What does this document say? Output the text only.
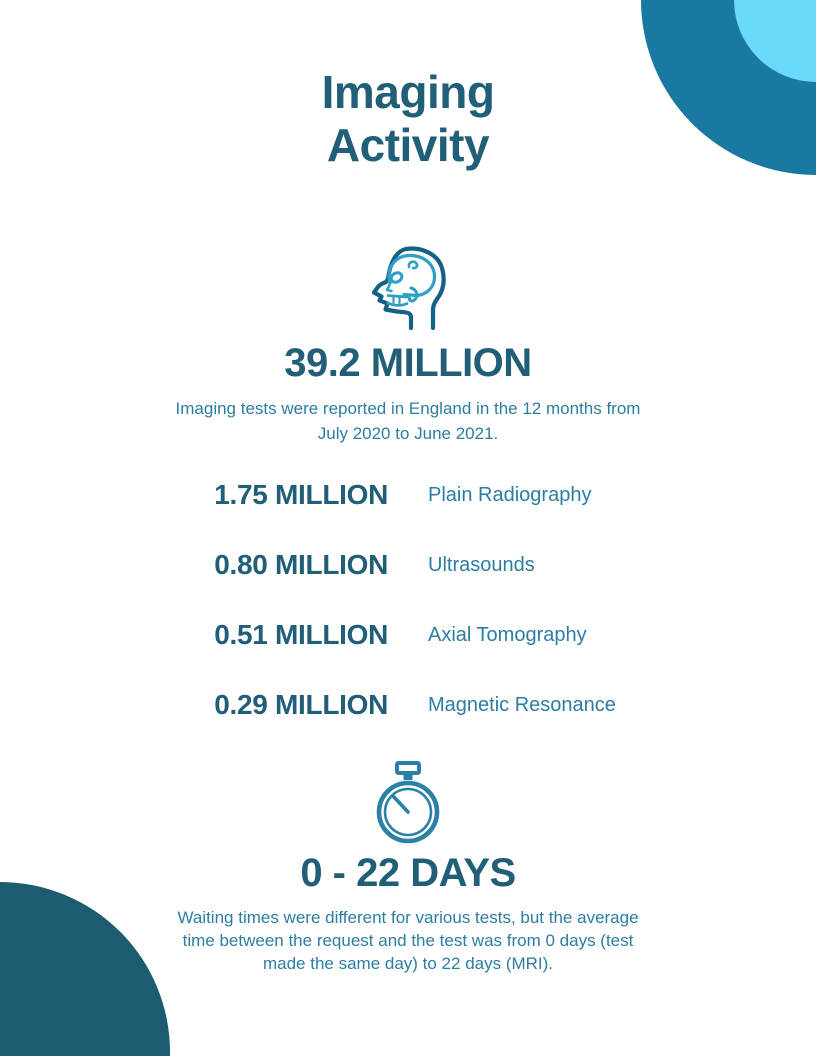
Imaging
Activity
39.2 MILLION

Imaging tests were reported in England in the 12 months from July 2020 to June 2021.

1.75 MILLION Plain Radiography
0.80 MILLION Ultrasounds
0.51 MILLION Axial Tomography
0.29 MILLION Magnetic Resonance
0 - 22 DAYS

Waiting times were different for various tests, but the average time between the request and the test was from 0 days (test made the same day) to 22 days (MRI).
